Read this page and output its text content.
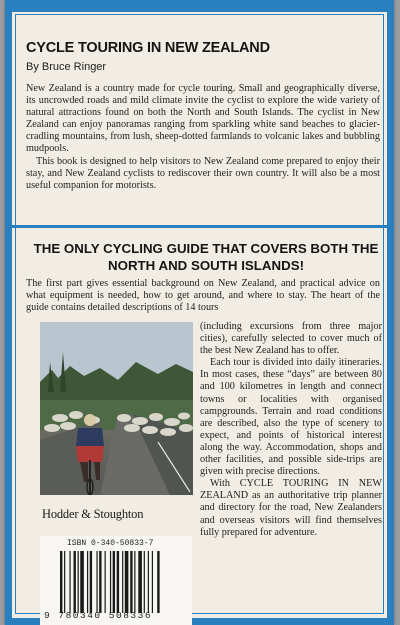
CYCLE TOURING IN NEW ZEALAND
By Bruce Ringer

New Zealand is a country made for cycle touring. Small and geographically diverse, its uncrowded roads and mild climate invite the cyclist to explore the wide variety of natural attractions found on both the North and South Islands. The cyclist in New Zealand can enjoy panoramas ranging from sparkling white sand beaches to glacier-cradling mountains, from lush, sheep-dotted farmlands to volcanic lakes and bubbling mudpools.

This book is designed to help visitors to New Zealand come prepared to enjoy their stay, and New Zealand cyclists to rediscover their own country. It will also be a most useful companion for motorists.

THE ONLY CYCLING GUIDE THAT COVERS BOTH THE NORTH AND SOUTH ISLANDS!
The first part gives essential background on New Zealand, and practical advice on what equipment is needed, how to get around, and where to stay. The heart of the guide contains detailed descriptions of 14 tours

(including excursions from three major cities), carefully selected to cover much of the best New Zealand has to offer.

Each tour is divided into daily itineraries. In most cases, these “days” are between 80 and 100 kilometres in length and connect towns or localities with organised campgrounds. Terrain and road conditions are described, also the type of scenery to expect, and points of historical interest along the way. Accommodation, shops and other facilities, and possible side-trips are given with precise directions.

With CYCLE TOURING IN NEW ZEALAND as an authoritative trip planner and directory for the road, New Zealanders and overseas visitors will find themselves fully prepared for adventure.

Hodder & Stoughton
ISBN 0-340-50833-7
9 780340 508336
